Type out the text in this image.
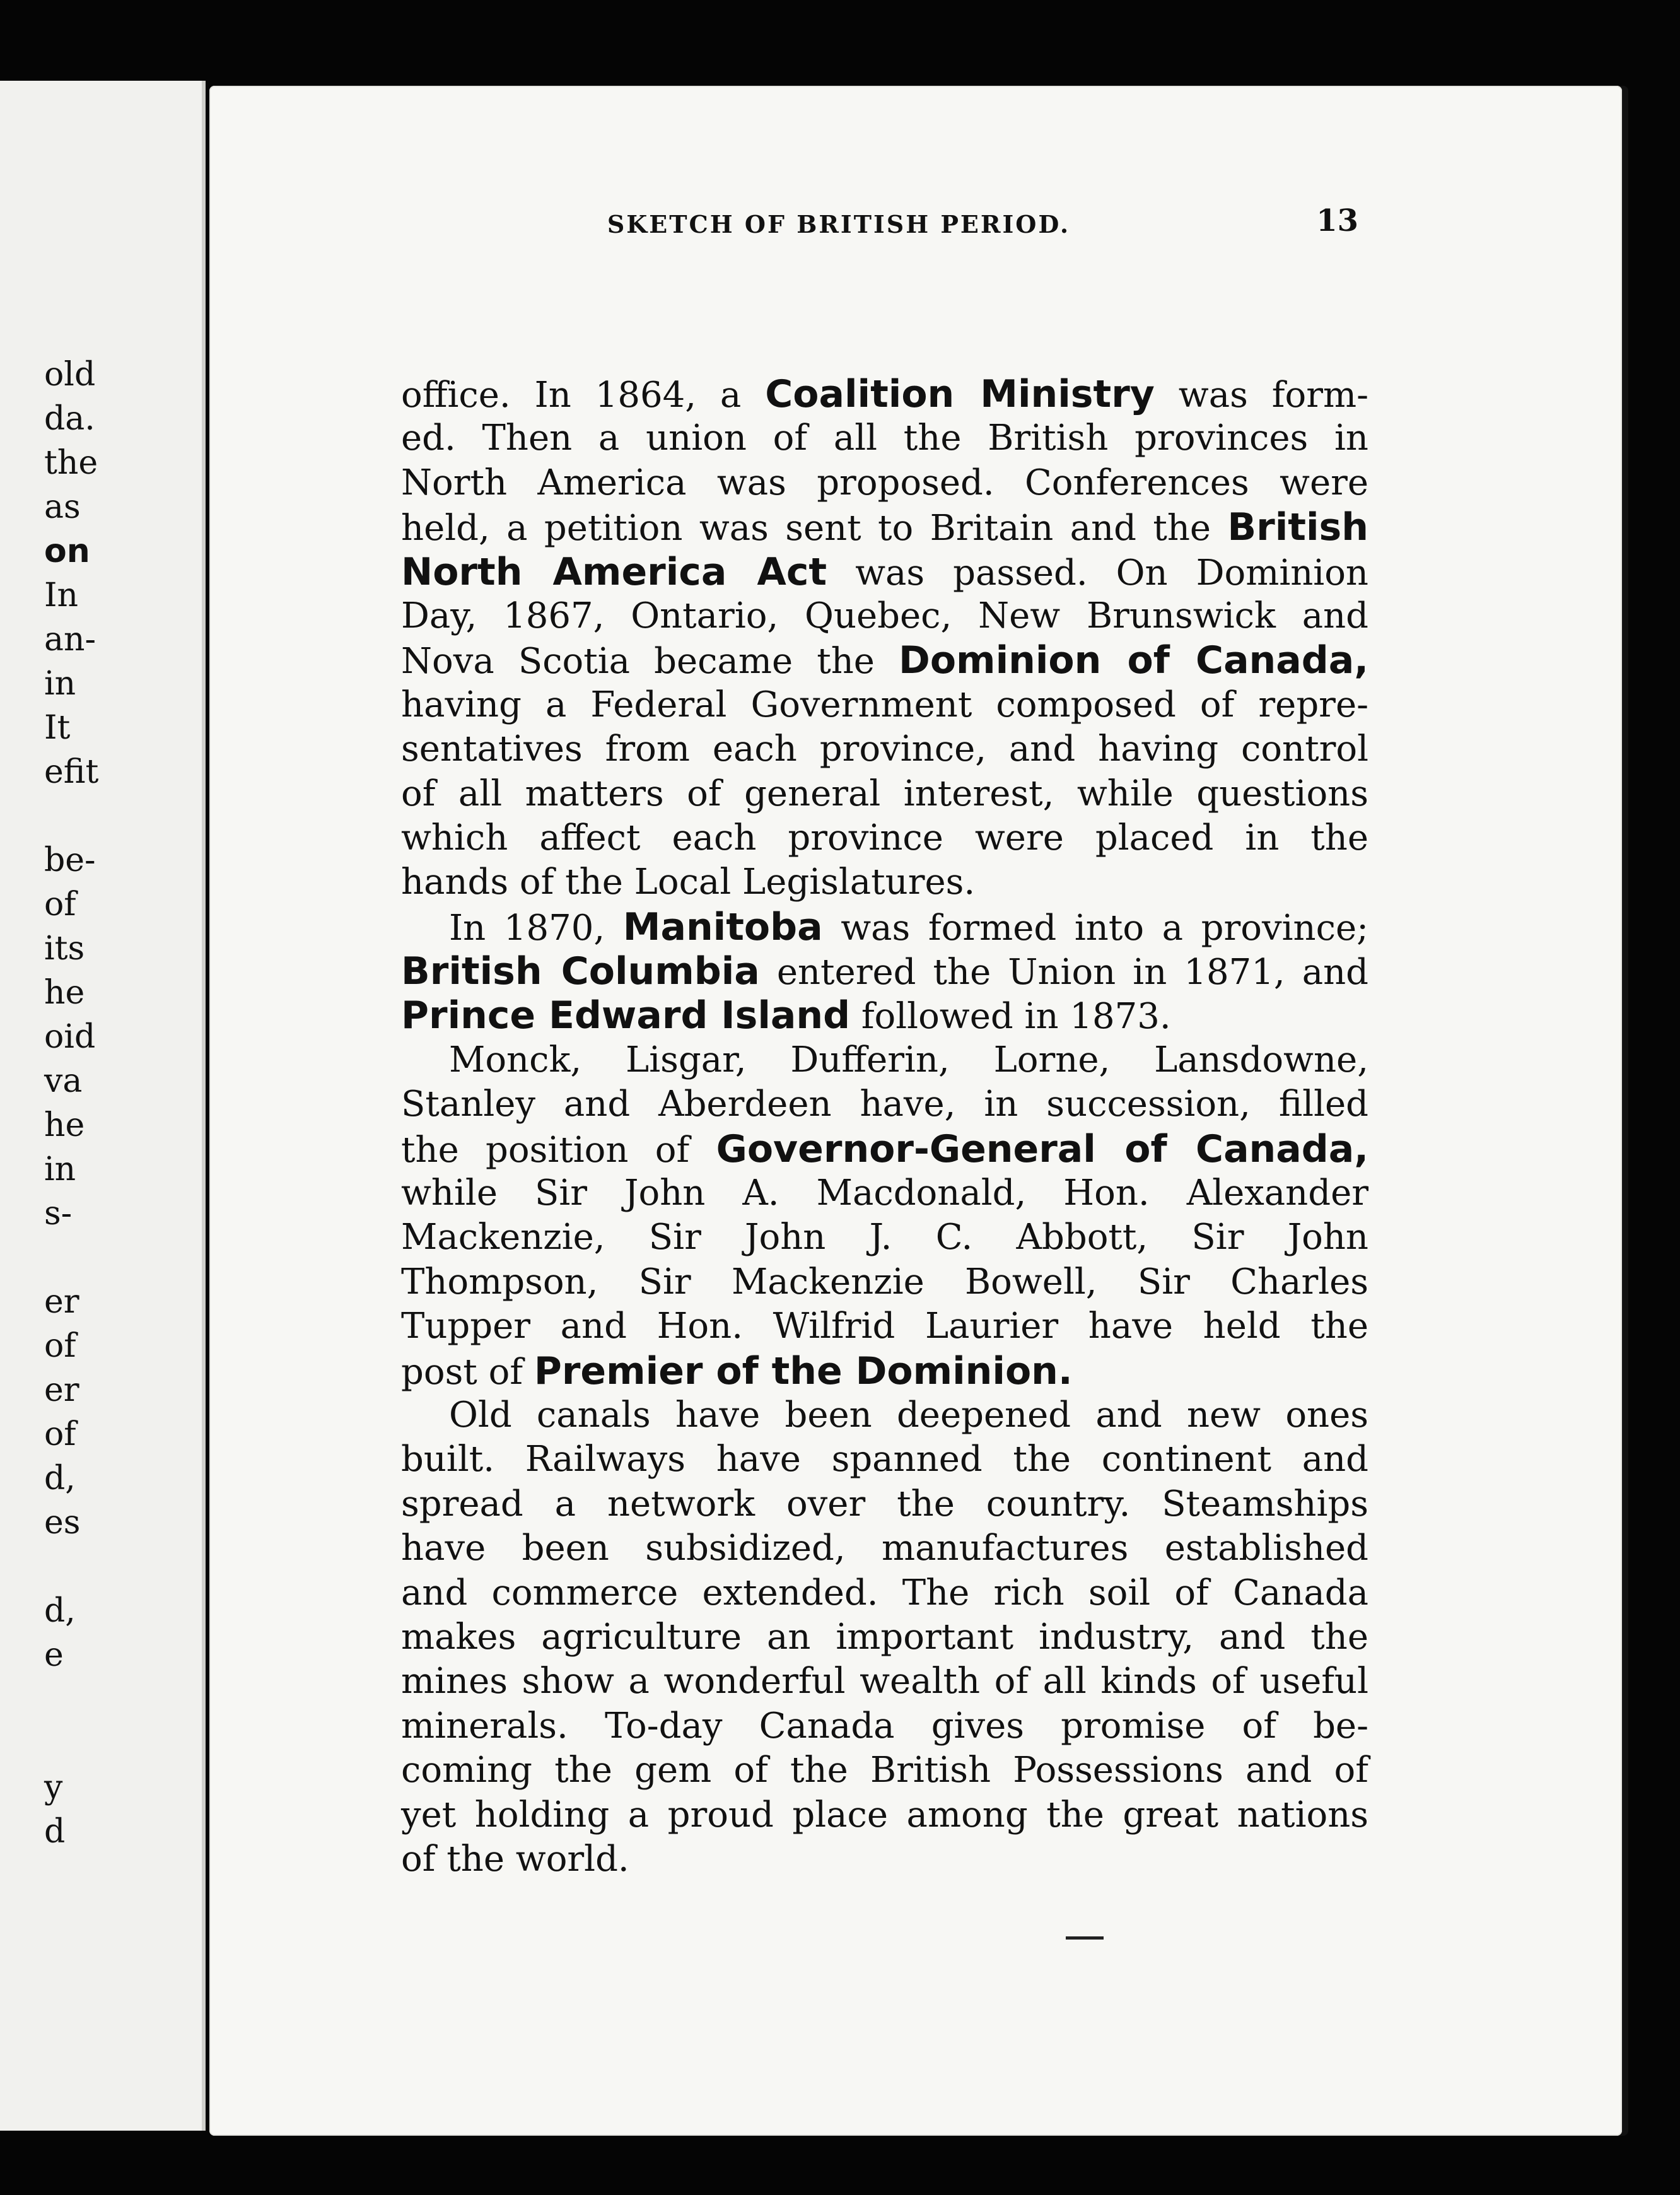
old
da.
the
as
on
In
an-
in
It
efit
be-
of
its
he
oid
va
he
in
s-
er
of
er
of
d,
es
d,
e
y
d
SKETCH OF BRITISH PERIOD.	13
office. In 1864, a Coalition Ministry was form-
ed. Then a union of all the British provinces in
North America was proposed. Conferences were
held, a petition was sent to Britain and the British
North America Act was passed. On Dominion
Day, 1867, Ontario, Quebec, New Brunswick and
Nova Scotia became the Dominion of Canada,
having a Federal Government composed of repre-
sentatives from each province, and having control
of all matters of general interest, while questions
which affect each province were placed in the
hands of the Local Legislatures.
In 1870, Manitoba was formed into a province;
British Columbia entered the Union in 1871, and
Prince Edward Island followed in 1873.
Monck, Lisgar, Dufferin, Lorne, Lansdowne,
Stanley and Aberdeen have, in succession, filled
the position of Governor-General of Canada,
while Sir John A. Macdonald, Hon. Alexander
Mackenzie, Sir John J. C. Abbott, Sir John
Thompson, Sir Mackenzie Bowell, Sir Charles
Tupper and Hon. Wilfrid Laurier have held the
post of Premier of the Dominion.
Old canals have been deepened and new ones
built. Railways have spanned the continent and
spread a network over the country. Steamships
have been subsidized, manufactures established
and commerce extended. The rich soil of Canada
makes agriculture an important industry, and the
mines show a wonderful wealth of all kinds of useful
minerals. To-day Canada gives promise of be-
coming the gem of the British Possessions and of
yet holding a proud place among the great nations
of the world.
